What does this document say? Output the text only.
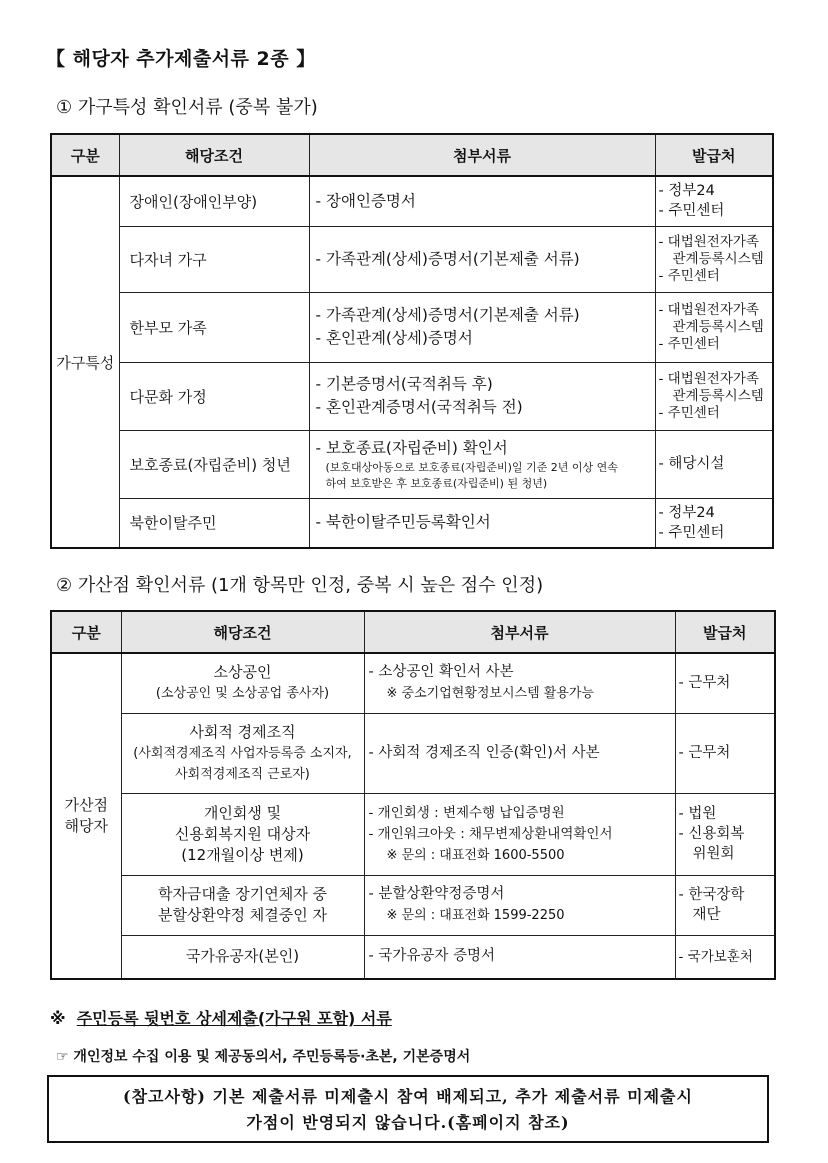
【 해당자 추가제출서류 2종 】
① 가구특성 확인서류 (중복 불가)
구분	해당조건	첨부서류	발급처
가구특성	장애인(장애인부양)	- 장애인증명서	- 정부24
- 주민센터

	다자녀 가구	- 가족관계(상세)증명서(기본제출 서류)	- 대법원전자가족
관계등록시스템
- 주민센터

	한부모 가족	- 가족관계(상세)증명서(기본제출 서류)
- 혼인관계(상세)증명서	- 대법원전자가족
관계등록시스템
- 주민센터

	다문화 가정	- 기본증명서(국적취득 후)
- 혼인관계증명서(국적취득 전)	- 대법원전자가족
관계등록시스템
- 주민센터

	보호종료(자립준비) 청년	- 보호종료(자립준비) 확인서
(보호대상아동으로 보호종료(자립준비)일 기준 2년 이상 연속
하여 보호받은 후 보호종료(자립준비) 된 청년)	- 해당시설

	북한이탈주민	- 북한이탈주민등록확인서	- 정부24
- 주민센터
② 가산점 확인서류 (1개 항목만 인정, 중복 시 높은 점수 인정)
구분	해당조건	첨부서류	발급처

가산점
해당자	소상공인
(소상공인 및 소상공업 종사자)	- 소상공인 확인서 사본
※ 중소기업현황정보시스템 활용가능	- 근무처

	사회적 경제조직
(사회적경제조직 사업자등록증 소지자,
사회적경제조직 근로자)	- 사회적 경제조직 인증(확인)서 사본	- 근무처

	개인회생 및
신용회복지원 대상자
(12개월이상 변제)	- 개인회생 : 변제수행 납입증명원
- 개인워크아웃 : 채무변제상환내역확인서
※ 문의 : 대표전화 1600-5500	- 법원
- 신용회복
위원회

	학자금대출 장기연체자 중
분할상환약정 체결중인 자	- 분할상환약정증명서
※ 문의 : 대표전화 1599-2250	- 한국장학
재단

	국가유공자(본인)	- 국가유공자 증명서	- 국가보훈처
※ 주민등록 뒷번호 상세제출(가구원 포함) 서류
☞ 개인정보 수집 이용 및 제공동의서, 주민등록등·초본, 기본증명서
(참고사항) 기본 제출서류 미제출시 참여 배제되고, 추가 제출서류 미제출시
가점이 반영되지 않습니다.(홈페이지 참조)
